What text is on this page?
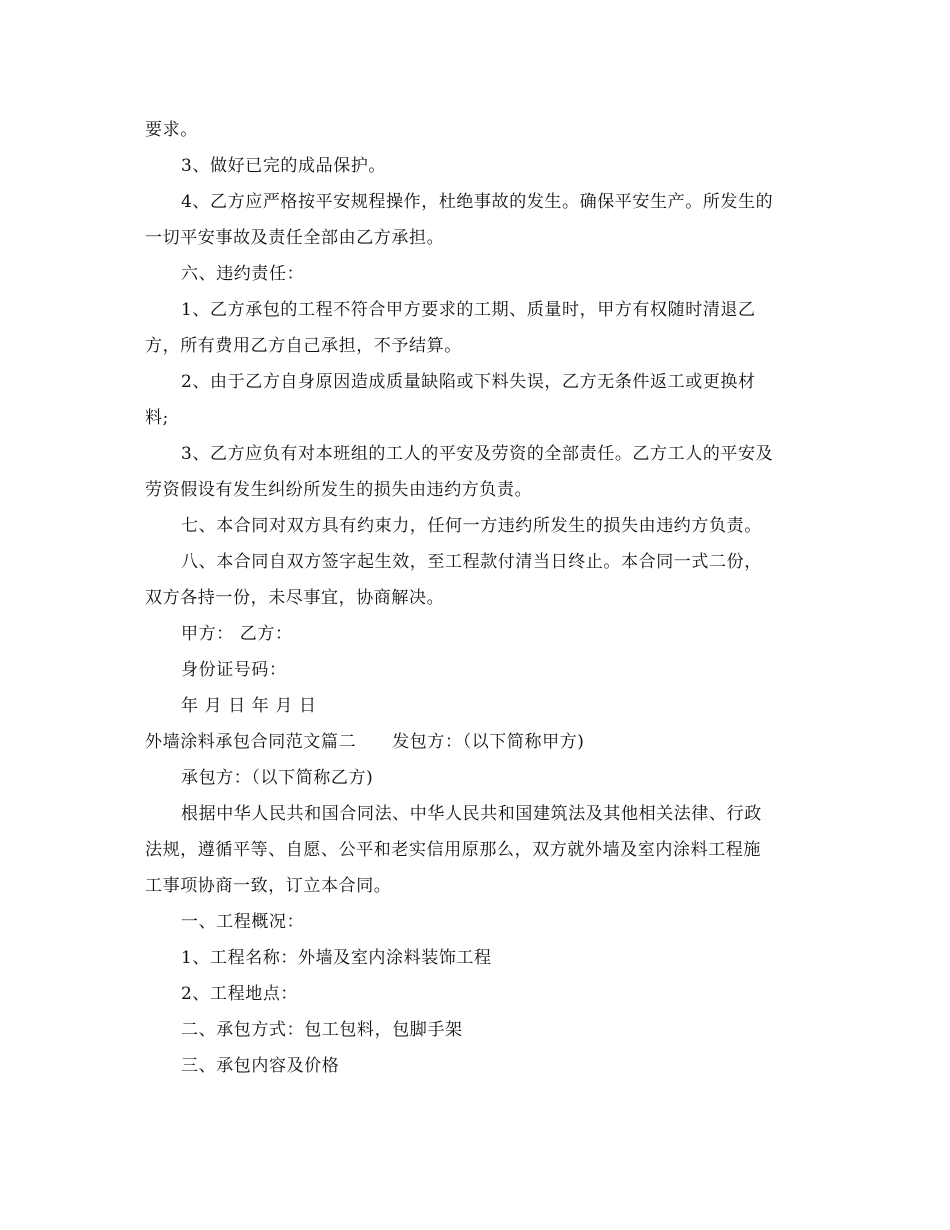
要求。
3、做好已完的成品保护。
4、乙方应严格按平安规程操作，杜绝事故的发生。确保平安生产。所发生的
一切平安事故及责任全部由乙方承担。
六、违约责任：
1、乙方承包的工程不符合甲方要求的工期、质量时，甲方有权随时清退乙
方，所有费用乙方自己承担，不予结算。
2、由于乙方自身原因造成质量缺陷或下料失误，乙方无条件返工或更换材
料;
3、乙方应负有对本班组的工人的平安及劳资的全部责任。乙方工人的平安及
劳资假设有发生纠纷所发生的损失由违约方负责。
七、本合同对双方具有约束力，任何一方违约所发生的损失由违约方负责。
八、本合同自双方签字起生效，至工程款付清当日终止。本合同一式二份，
双方各持一份，未尽事宜，协商解决。
甲方： 乙方：
身份证号码：
年 月 日 年 月 日
外墙涂料承包合同范文篇二 发包方：（以下简称甲方)
承包方：（以下简称乙方)
根据中华人民共和国合同法、中华人民共和国建筑法及其他相关法律、行政
法规，遵循平等、自愿、公平和老实信用原那么，双方就外墙及室内涂料工程施
工事项协商一致，订立本合同。
一、工程概况：
1、工程名称：外墙及室内涂料装饰工程
2、工程地点：
二、承包方式：包工包料，包脚手架
三、承包内容及价格
